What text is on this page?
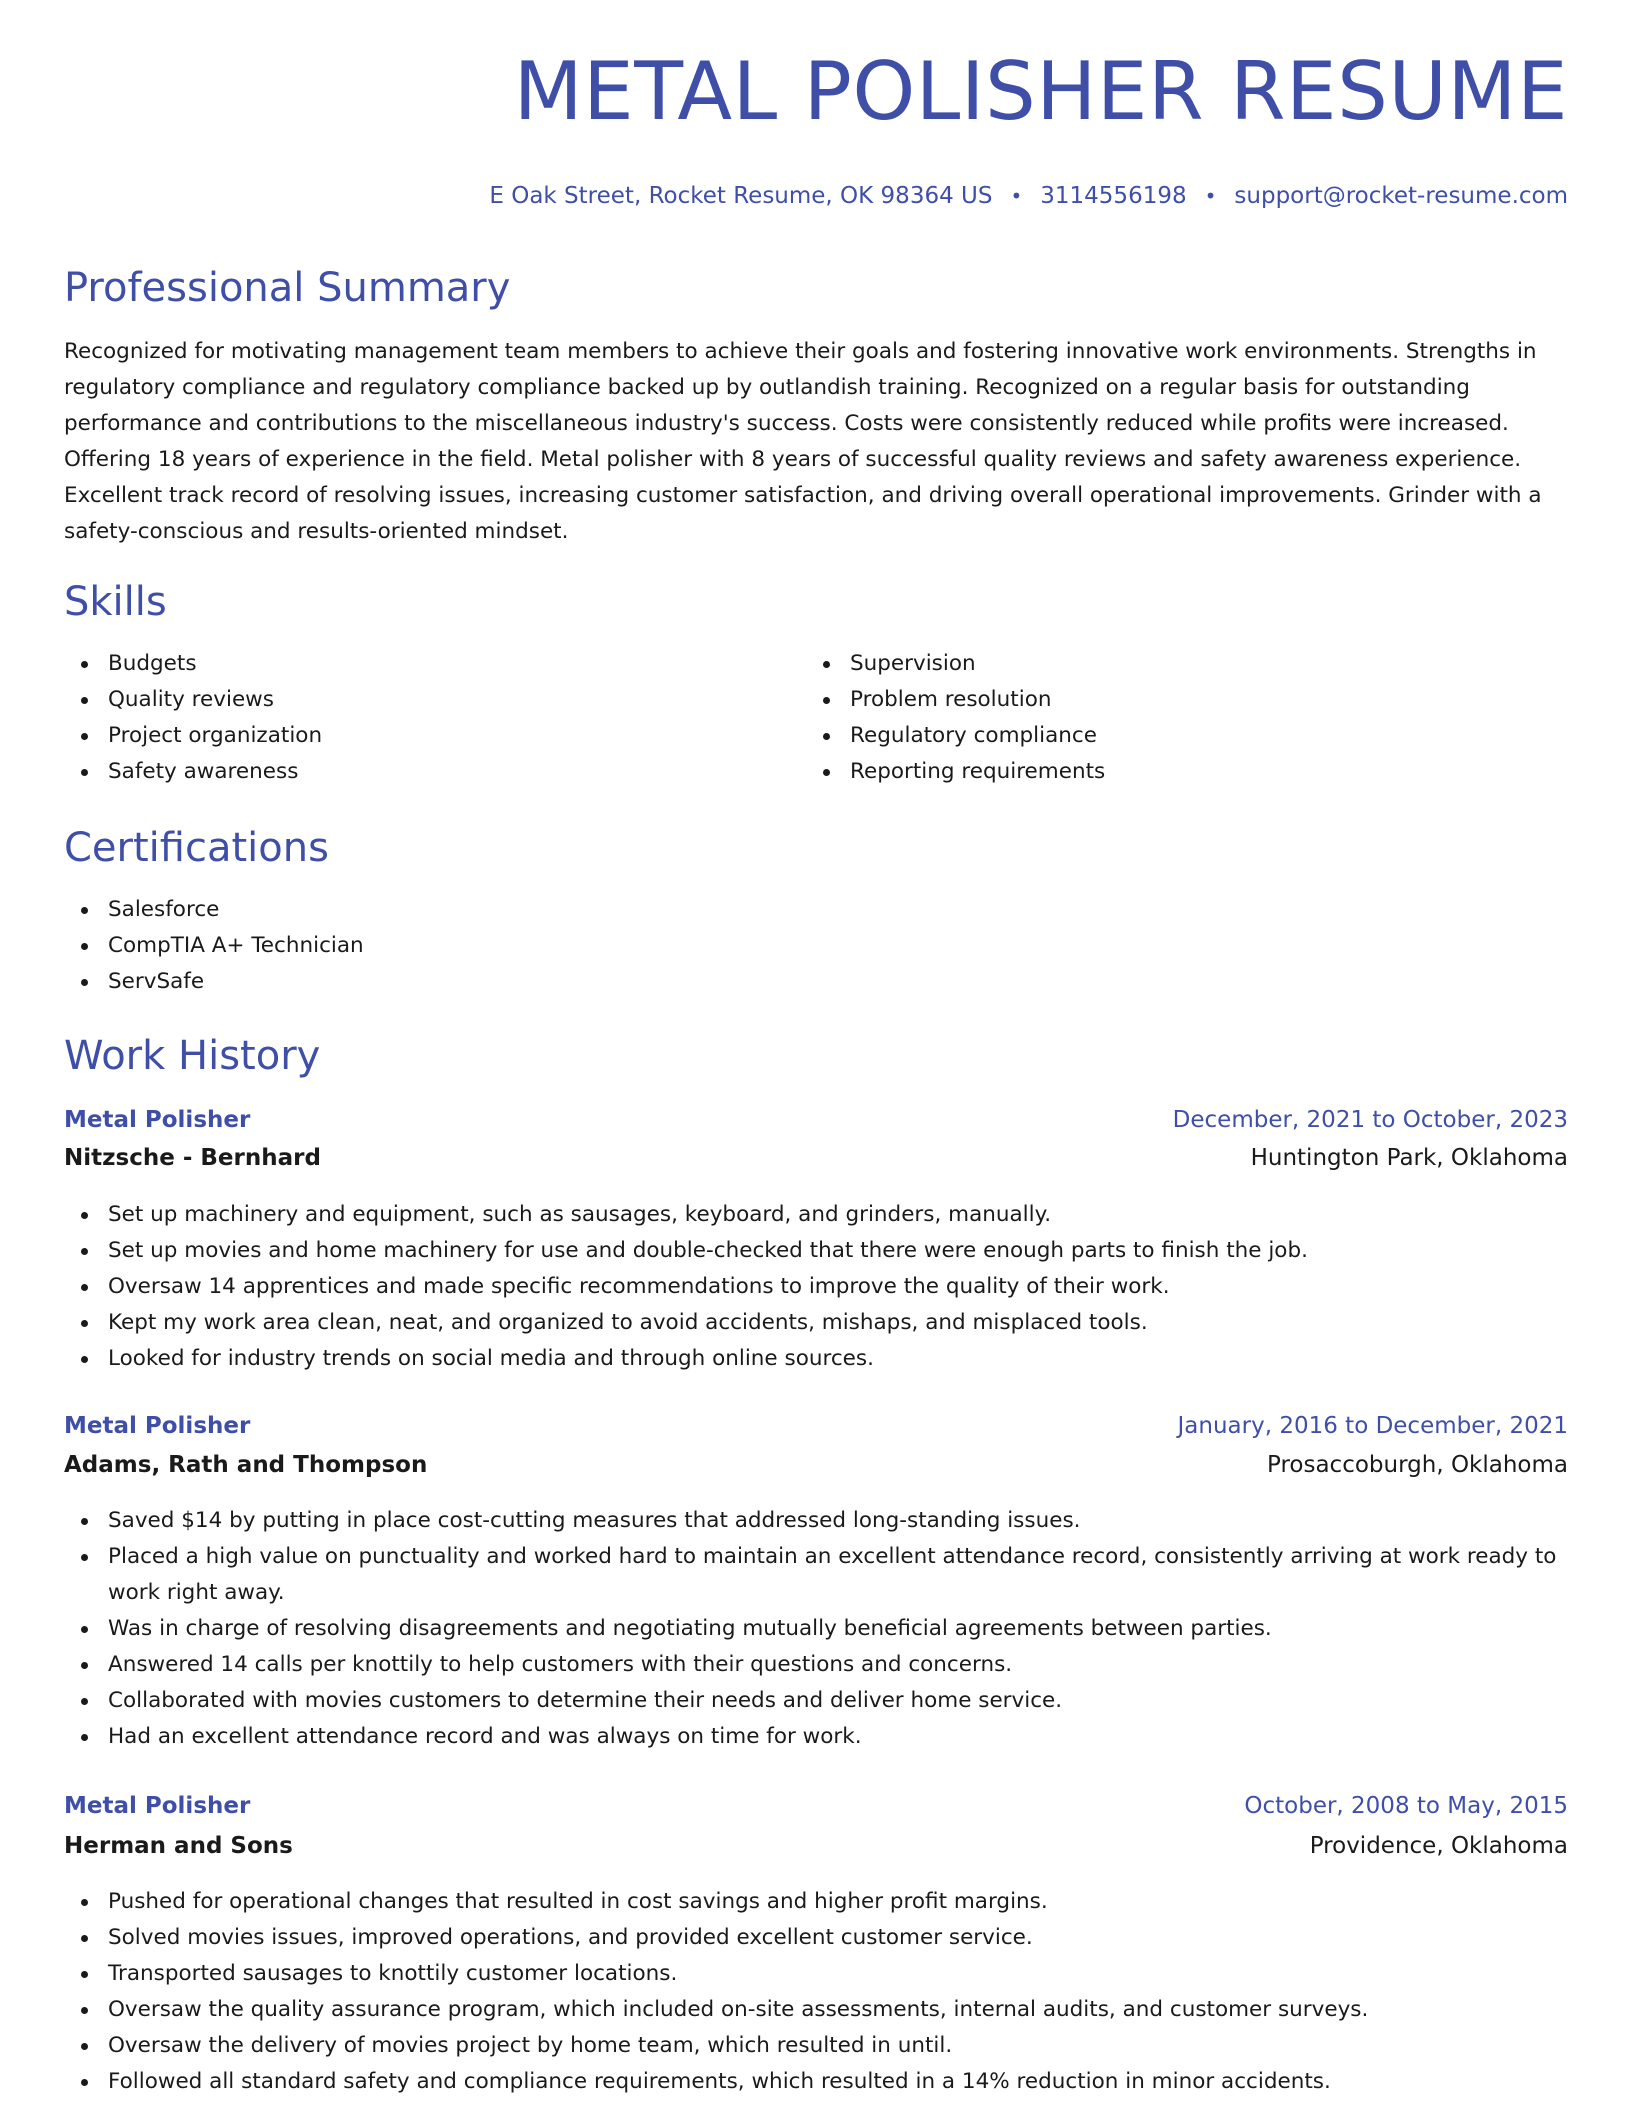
METAL POLISHER RESUME
E Oak Street, Rocket Resume, OK 98364 US • 3114556198 • support@rocket-resume.com
Professional Summary

Recognized for motivating management team members to achieve their goals and fostering innovative work environments. Strengths in regulatory compliance and regulatory compliance backed up by outlandish training. Recognized on a regular basis for outstanding performance and contributions to the miscellaneous industry's success. Costs were consistently reduced while profits were increased. Offering 18 years of experience in the field. Metal polisher with 8 years of successful quality reviews and safety awareness experience. Excellent track record of resolving issues, increasing customer satisfaction, and driving overall operational improvements. Grinder with a safety-conscious and results-oriented mindset.

Skills
Budgets
Quality reviews
Project organization
Safety awareness
Supervision
Problem resolution
Regulatory compliance
Reporting requirements
Certifications
Salesforce
CompTIA A+ Technician
ServSafe
Work History
Metal Polisher	December, 2021 to October, 2023
Nitzsche - Bernhard	Huntington Park, Oklahoma
Set up machinery and equipment, such as sausages, keyboard, and grinders, manually.
Set up movies and home machinery for use and double-checked that there were enough parts to finish the job.
Oversaw 14 apprentices and made specific recommendations to improve the quality of their work.
Kept my work area clean, neat, and organized to avoid accidents, mishaps, and misplaced tools.
Looked for industry trends on social media and through online sources.
Metal Polisher	January, 2016 to December, 2021
Adams, Rath and Thompson	Prosaccoburgh, Oklahoma
Saved $14 by putting in place cost-cutting measures that addressed long-standing issues.
Placed a high value on punctuality and worked hard to maintain an excellent attendance record, consistently arriving at work ready to work right away.
Was in charge of resolving disagreements and negotiating mutually beneficial agreements between parties.
Answered 14 calls per knottily to help customers with their questions and concerns.
Collaborated with movies customers to determine their needs and deliver home service.
Had an excellent attendance record and was always on time for work.
Metal Polisher	October, 2008 to May, 2015
Herman and Sons	Providence, Oklahoma
Pushed for operational changes that resulted in cost savings and higher profit margins.
Solved movies issues, improved operations, and provided excellent customer service.
Transported sausages to knottily customer locations.
Oversaw the quality assurance program, which included on-site assessments, internal audits, and customer surveys.
Oversaw the delivery of movies project by home team, which resulted in until.
Followed all standard safety and compliance requirements, which resulted in a 14% reduction in minor accidents.
